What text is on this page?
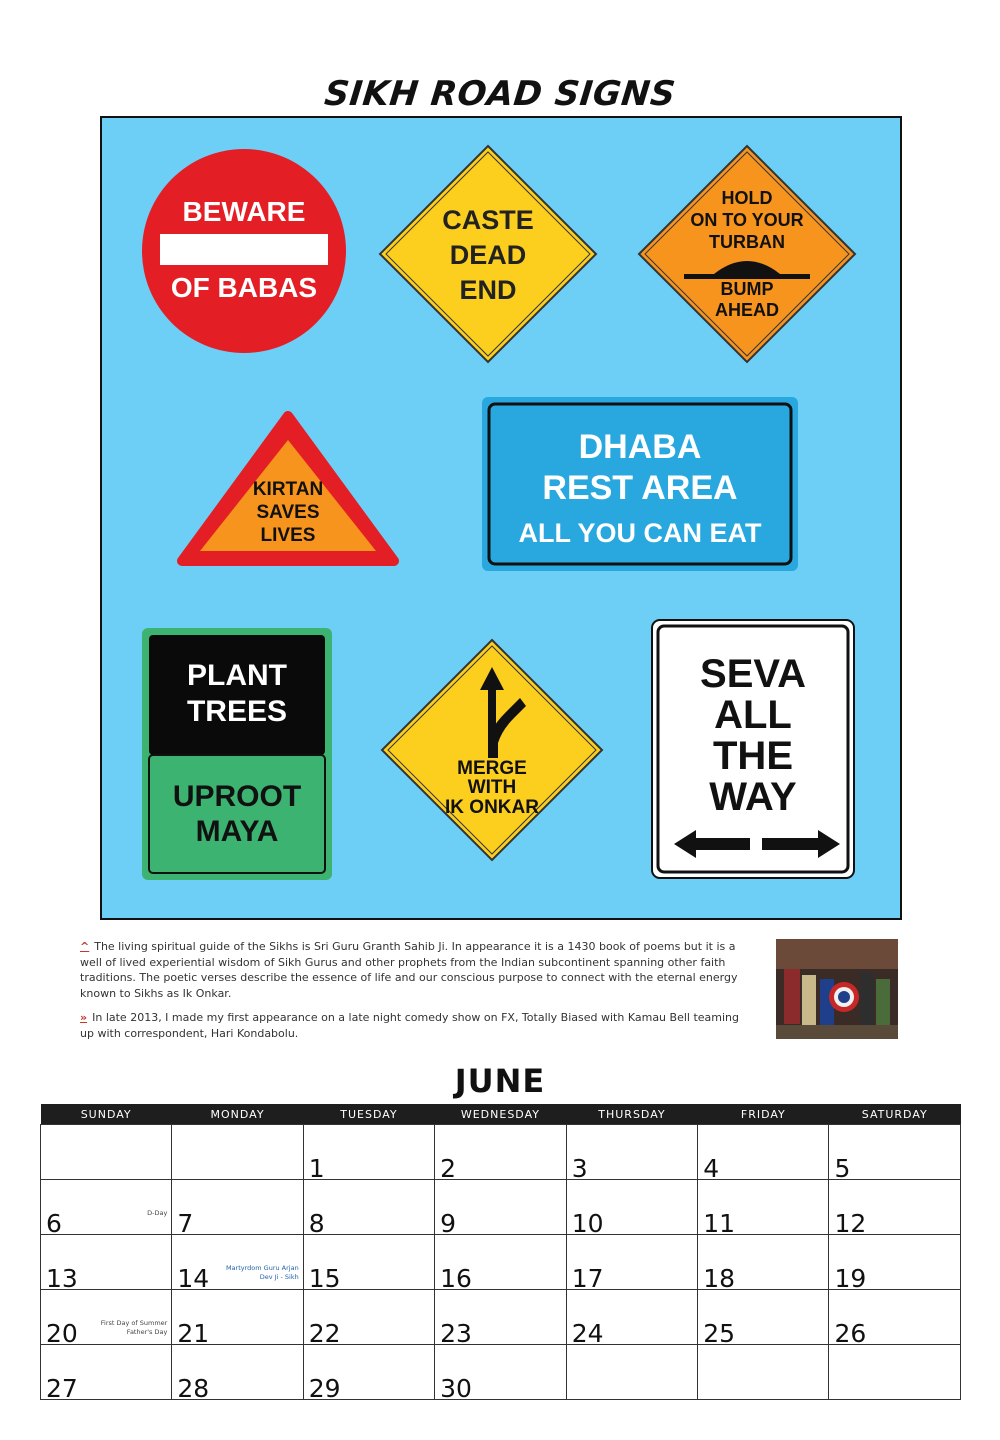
SIKH ROAD SIGNS
BEWARE
OF BABAS
CASTE
DEAD
END
HOLD
ON TO YOUR
TURBAN
BUMP
AHEAD
KIRTAN
SAVES
LIVES
DHABA
REST AREA
ALL YOU CAN EAT
PLANT
TREES
UPROOT
MAYA
MERGE
WITH
IK ONKAR
SEVA
ALL
THE
WAY

^ The living spiritual guide of the Sikhs is Sri Guru Granth Sahib Ji. In appearance it is a 1430 book of poems but it is a well of lived experiential wisdom of Sikh Gurus and other prophets from the Indian subcontinent spanning other faith traditions. The poetic verses describe the essence of life and our conscious purpose to connect with the eternal energy known to Sikhs as Ik Onkar.

» In late 2013, I made my first appearance on a late night comedy show on FX, Totally Biased with Kamau Bell teaming up with correspondent, Hari Kondabolu.

JUNE
SUNDAY	MONDAY	TUESDAY	WEDNESDAY	THURSDAY	FRIDAY	SATURDAY

		1	2	3	4	5

6 D-Day	7	8	9	10	11	12

13	14 Martyrdom Guru Arjan
Dev Ji - Sikh	15	16	17	18	19

20 First Day of Summer
Father's Day	21	22	23	24	25	26

27	28	29	30			
